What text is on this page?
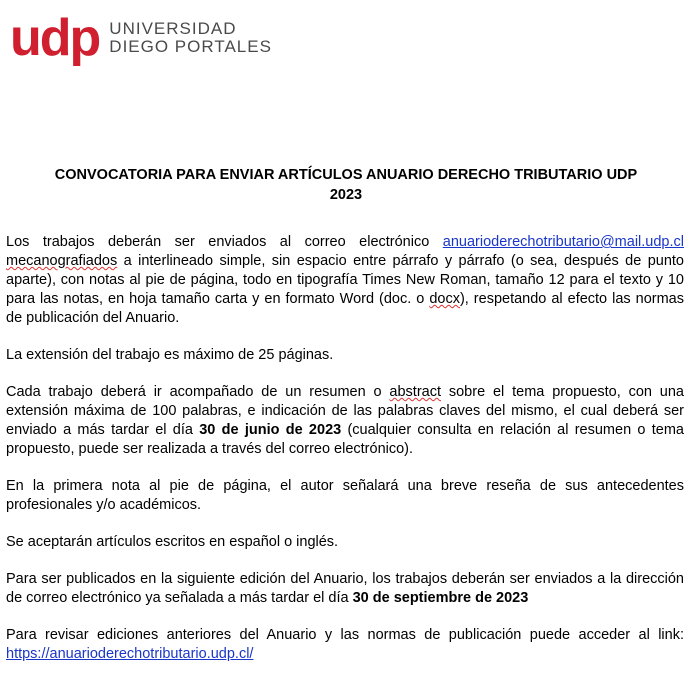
udp UNIVERSIDAD
DIEGO PORTALES
CONVOCATORIA PARA ENVIAR ARTÍCULOS ANUARIO DERECHO TRIBUTARIO UDP
2023

Los trabajos deberán ser enviados al correo electrónico anuarioderechotributario@mail.udp.cl mecanografiados a interlineado simple, sin espacio entre párrafo y párrafo (o sea, después de punto aparte), con notas al pie de página, todo en tipografía Times New Roman, tamaño 12 para el texto y 10 para las notas, en hoja tamaño carta y en formato Word (doc. o docx), respetando al efecto las normas de publicación del Anuario.

La extensión del trabajo es máximo de 25 páginas.

Cada trabajo deberá ir acompañado de un resumen o abstract sobre el tema propuesto, con una extensión máxima de 100 palabras, e indicación de las palabras claves del mismo, el cual deberá ser enviado a más tardar el día 30 de junio de 2023 (cualquier consulta en relación al resumen o tema propuesto, puede ser realizada a través del correo electrónico).

En la primera nota al pie de página, el autor señalará una breve reseña de sus antecedentes profesionales y/o académicos.

Se aceptarán artículos escritos en español o inglés.

Para ser publicados en la siguiente edición del Anuario, los trabajos deberán ser enviados a la dirección de correo electrónico ya señalada a más tardar el día 30 de septiembre de 2023

Para revisar ediciones anteriores del Anuario y las normas de publicación puede acceder al link: https://anuarioderechotributario.udp.cl/
